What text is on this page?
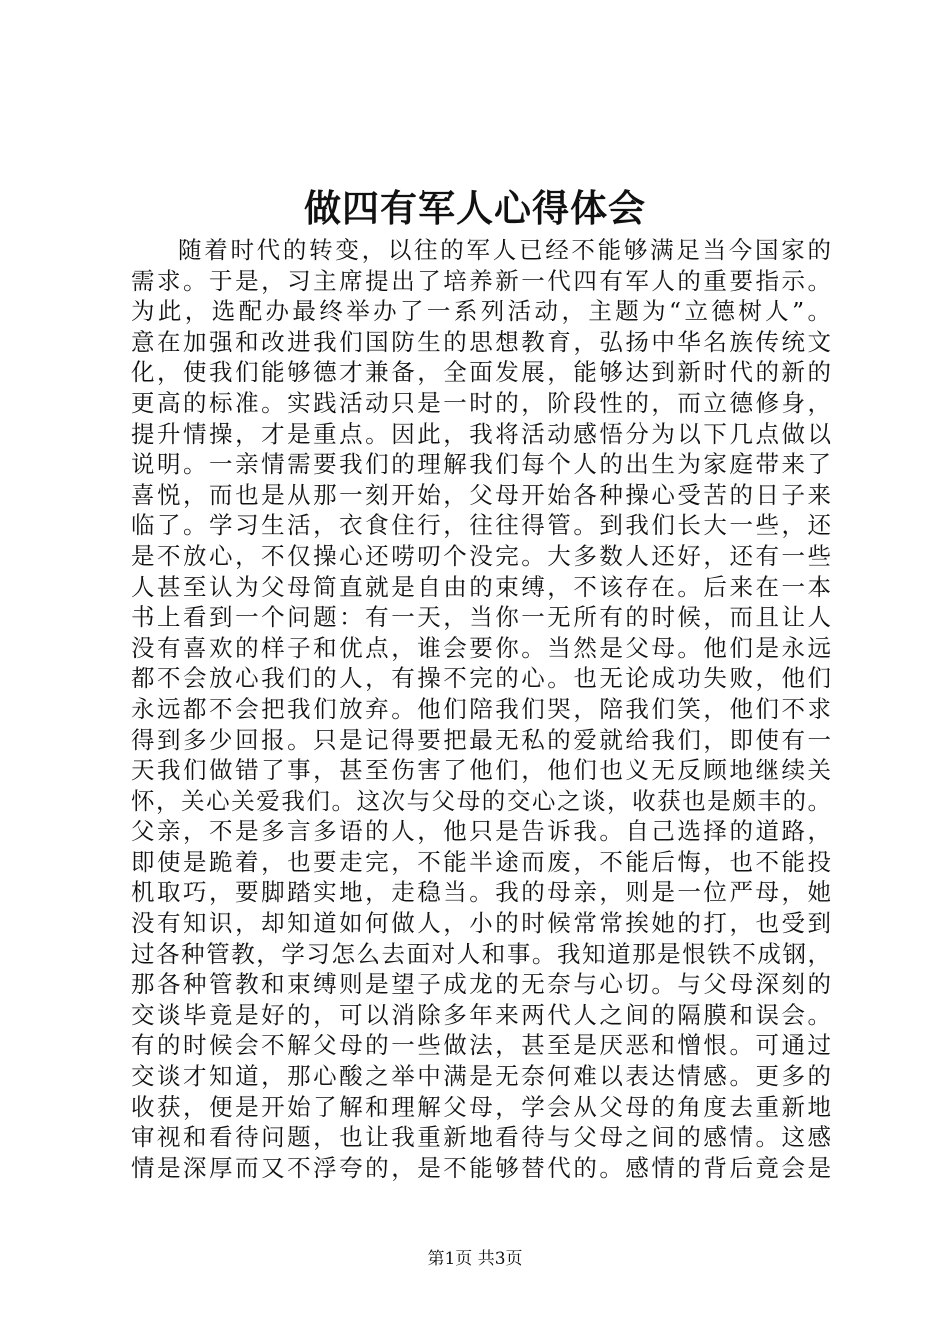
做四有军人心得体会
随着时代的转变，以往的军人已经不能够满足当今国家的
需求。于是，习主席提出了培养新一代四有军人的重要指示。
为此，选配办最终举办了一系列活动，主题为“立德树人”。
意在加强和改进我们国防生的思想教育，弘扬中华名族传统文
化，使我们能够德才兼备，全面发展，能够达到新时代的新的
更高的标准。实践活动只是一时的，阶段性的，而立德修身，
提升情操，才是重点。因此，我将活动感悟分为以下几点做以
说明。一亲情需要我们的理解我们每个人的出生为家庭带来了
喜悦，而也是从那一刻开始，父母开始各种操心受苦的日子来
临了。学习生活，衣食住行，往往得管。到我们长大一些，还
是不放心，不仅操心还唠叨个没完。大多数人还好，还有一些
人甚至认为父母简直就是自由的束缚，不该存在。后来在一本
书上看到一个问题：有一天，当你一无所有的时候，而且让人
没有喜欢的样子和优点，谁会要你。当然是父母。他们是永远
都不会放心我们的人，有操不完的心。也无论成功失败，他们
永远都不会把我们放弃。他们陪我们哭，陪我们笑，他们不求
得到多少回报。只是记得要把最无私的爱就给我们，即使有一
天我们做错了事，甚至伤害了他们，他们也义无反顾地继续关
怀，关心关爱我们。这次与父母的交心之谈，收获也是颇丰的。
父亲，不是多言多语的人，他只是告诉我。自己选择的道路，
即使是跪着，也要走完，不能半途而废，不能后悔，也不能投
机取巧，要脚踏实地，走稳当。我的母亲，则是一位严母，她
没有知识，却知道如何做人，小的时候常常挨她的打，也受到
过各种管教，学习怎么去面对人和事。我知道那是恨铁不成钢，
那各种管教和束缚则是望子成龙的无奈与心切。与父母深刻的
交谈毕竟是好的，可以消除多年来两代人之间的隔膜和误会。
有的时候会不解父母的一些做法，甚至是厌恶和憎恨。可通过
交谈才知道，那心酸之举中满是无奈何难以表达情感。更多的
收获，便是开始了解和理解父母，学会从父母的角度去重新地
审视和看待问题，也让我重新地看待与父母之间的感情。这感
情是深厚而又不浮夸的，是不能够替代的。感情的背后竟会是
第1页 共3页
